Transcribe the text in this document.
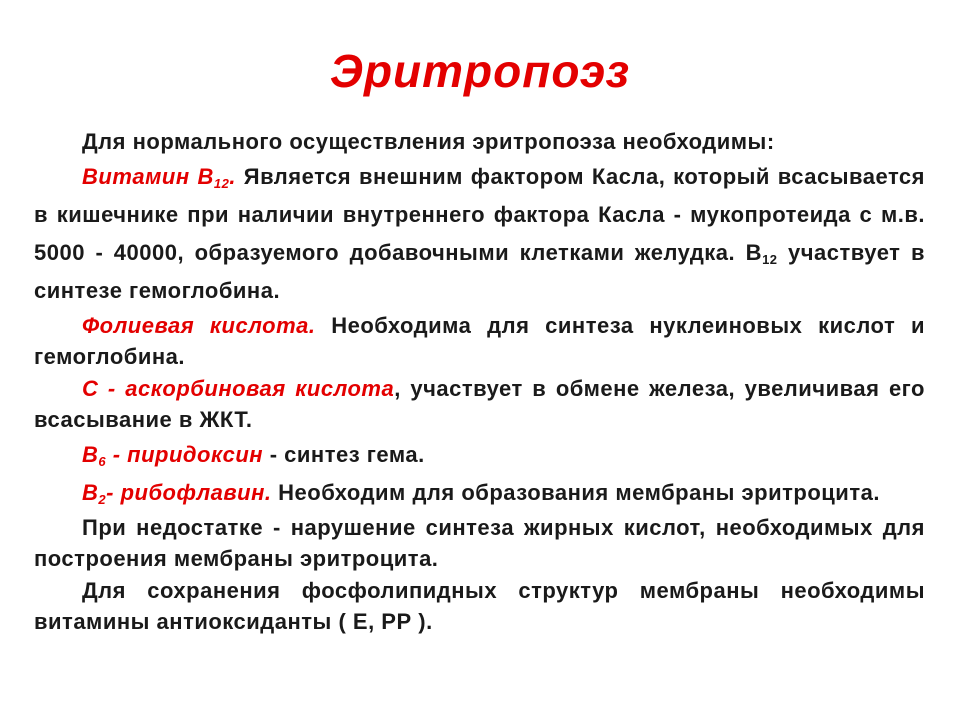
Эритропоэз

Для нормального осуществления эритропоэза необходимы:

Витамин $В_{12}$. Является внешним фактором Касла, который всасывается в кишечнике при наличии внутреннего фактора Касла - мукопротеида с м.в. 5000 - 40000, образуемого добавочными клетками желудка. $В_{12}$ участвует в синтезе гемоглобина.

Фолиевая кислота. Необходима для синтеза нуклеиновых кислот и гемоглобина.

С - аскорбиновая кислота, участвует в обмене железа, увеличивая его всасывание в ЖКТ.

$В_6$ - пиридоксин - синтез гема.

$В_2-$ рибофлавин. Необходим для образования мембраны эритроцита.

При недостатке - нарушение синтеза жирных кислот, необходимых для построения мембраны эритроцита.

Для сохранения фосфолипидных структур мембраны необходимы витамины антиоксиданты ( Е, РР ).
